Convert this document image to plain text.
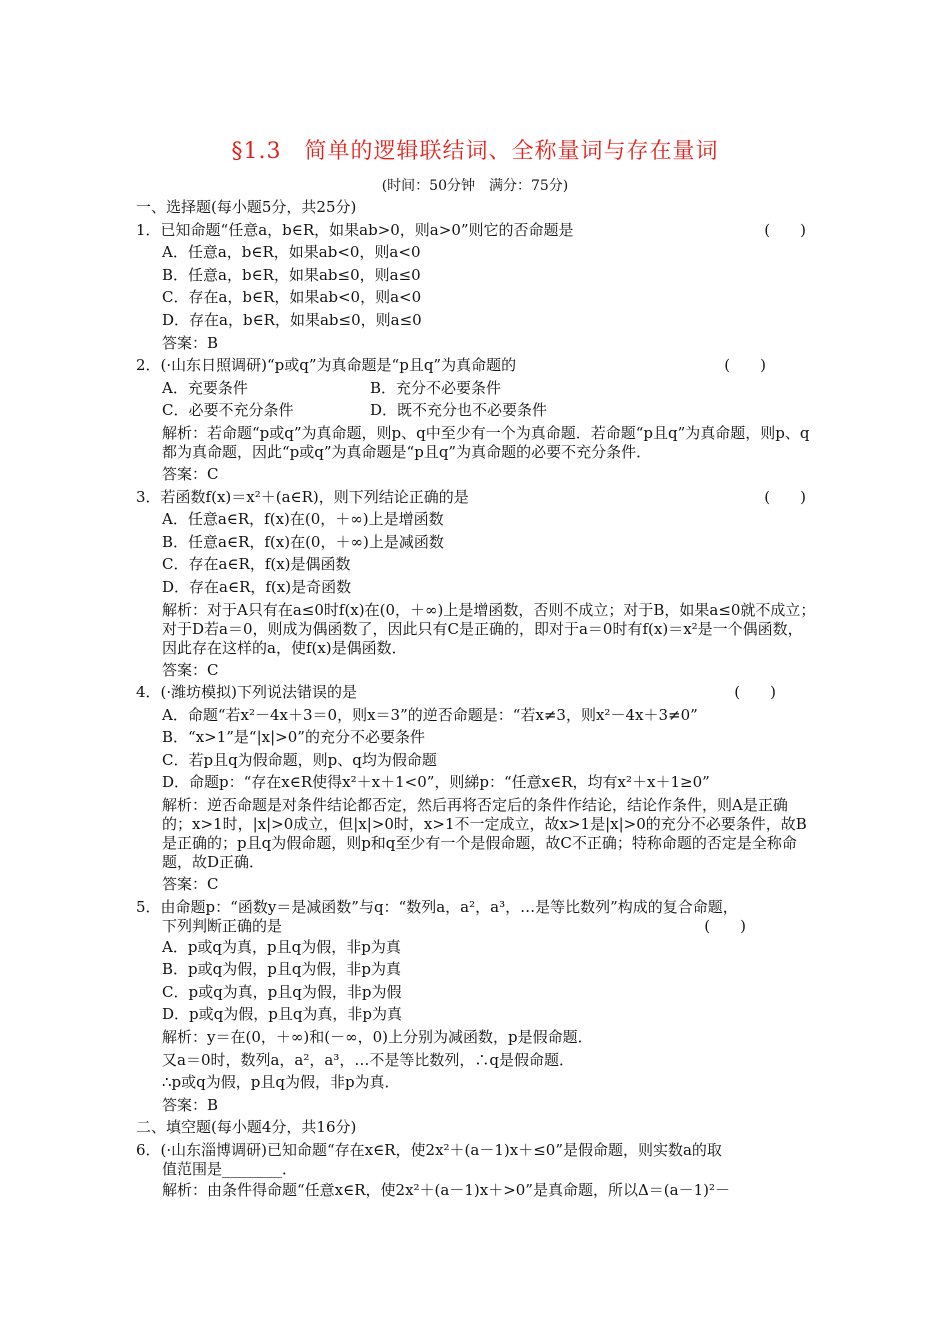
§1.3　简单的逻辑联结词、全称量词与存在量词
(时间：50分钟　满分：75分)
一、选择题(每小题5分，共25分)
1．已知命题“任意a，b∈R，如果ab>0，则a>0”则它的否命题是	(　　)
A．任意a，b∈R，如果ab<0，则a<0
B．任意a，b∈R，如果ab≤0，则a≤0
C．存在a，b∈R，如果ab<0，则a<0
D．存在a，b∈R，如果ab≤0，则a≤0
答案：B
2．(·山东日照调研)“p或q”为真命题是“p且q”为真命题的	(　　)
A．充要条件	B．充分不必要条件
C．必要不充分条件	D．既不充分也不必要条件
解析：若命题“p或q”为真命题，则p、q中至少有一个为真命题．若命题“p且q”为真命题，则p、q都为真命题，因此“p或q”为真命题是“p且q”为真命题的必要不充分条件．
答案：C
3．若函数f(x)＝x²＋(a∈R)，则下列结论正确的是	(　　)
A．任意a∈R，f(x)在(0，＋∞)上是增函数
B．任意a∈R，f(x)在(0，＋∞)上是减函数
C．存在a∈R，f(x)是偶函数
D．存在a∈R，f(x)是奇函数
解析：对于A只有在a≤0时f(x)在(0，＋∞)上是增函数，否则不成立；对于B，如果a≤0就不成立；对于D若a＝0，则成为偶函数了，因此只有C是正确的，即对于a＝0时有f(x)＝x²是一个偶函数，因此存在这样的a，使f(x)是偶函数．
答案：C
4．(·潍坊模拟)下列说法错误的是	(　　)
A．命题“若x²－4x＋3＝0，则x＝3”的逆否命题是：“若x≠3，则x²－4x＋3≠0”
B．“x>1”是“|x|>0”的充分不必要条件
C．若p且q为假命题，则p、q均为假命题
D．命题p：“存在x∈R使得x²＋x＋1<0”，则綈p：“任意x∈R，均有x²＋x＋1≥0”
解析：逆否命题是对条件结论都否定，然后再将否定后的条件作结论，结论作条件，则A是正确的；x>1时，|x|>0成立，但|x|>0时，x>1不一定成立，故x>1是|x|>0的充分不必要条件，故B是正确的；p且q为假命题，则p和q至少有一个是假命题，故C不正确；特称命题的否定是全称命题，故D正确．
答案：C
5．由命题p：“函数y＝是减函数”与q：“数列a，a²，a³，…是等比数列”构成的复合命题，
下列判断正确的是	(　　)
A．p或q为真，p且q为假，非p为真
B．p或q为假，p且q为假，非p为真
C．p或q为真，p且q为假，非p为假
D．p或q为假，p且q为真，非p为真
解析：y＝在(0，＋∞)和(－∞，0)上分别为减函数，p是假命题．
又a＝0时，数列a，a²，a³，…不是等比数列，∴q是假命题．
∴p或q为假，p且q为假，非p为真．
答案：B
二、填空题(每小题4分，共16分)
6．(·山东淄博调研)已知命题“存在x∈R，使2x²＋(a－1)x＋≤0”是假命题，则实数a的取
值范围是________．
解析：由条件得命题“任意x∈R，使2x²＋(a－1)x＋>0”是真命题，所以Δ＝(a－1)²－
